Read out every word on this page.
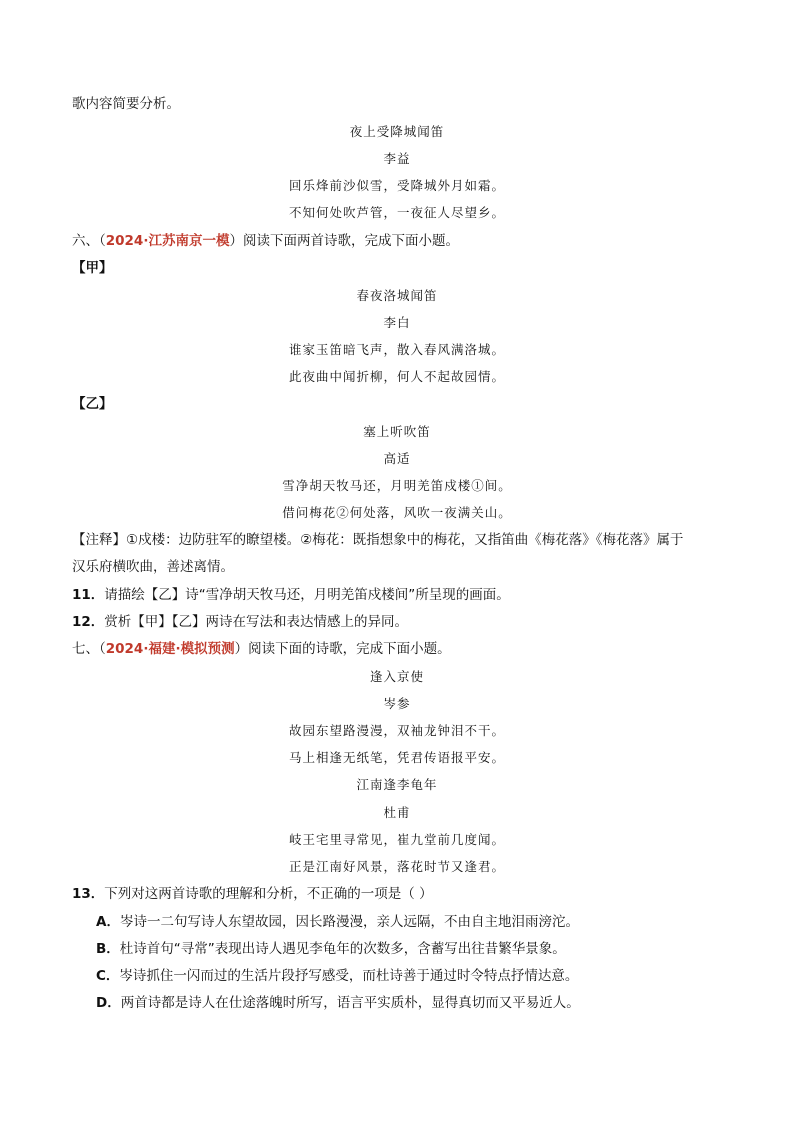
歌内容简要分析。
夜上受降城闻笛
李益
回乐烽前沙似雪，受降城外月如霜。
不知何处吹芦管，一夜征人尽望乡。
六、（2024·江苏南京一模）阅读下面两首诗歌，完成下面小题。
【甲】
春夜洛城闻笛
李白
谁家玉笛暗飞声，散入春风满洛城。
此夜曲中闻折柳，何人不起故园情。
【乙】
塞上听吹笛
高适
雪净胡天牧马还，月明羌笛戍楼①间。
借问梅花②何处落，风吹一夜满关山。
【注释】①戍楼：边防驻军的瞭望楼。②梅花：既指想象中的梅花，又指笛曲《梅花落》《梅花落》属于
汉乐府横吹曲，善述离情。
11．请描绘【乙】诗“雪净胡天牧马还，月明羌笛戍楼间”所呈现的画面。
12．赏析【甲】【乙】两诗在写法和表达情感上的异同。
七、（2024·福建·模拟预测）阅读下面的诗歌，完成下面小题。
逢入京使
岑参
故园东望路漫漫，双袖龙钟泪不干。
马上相逢无纸笔，凭君传语报平安。
江南逢李龟年
杜甫
岐王宅里寻常见，崔九堂前几度闻。
正是江南好风景，落花时节又逢君。
13．下列对这两首诗歌的理解和分析，不正确的一项是（ ）
A．岑诗一二句写诗人东望故园，因长路漫漫，亲人远隔，不由自主地泪雨滂沱。
B．杜诗首句“寻常”表现出诗人遇见李龟年的次数多，含蓄写出往昔繁华景象。
C．岑诗抓住一闪而过的生活片段抒写感受，而杜诗善于通过时令特点抒情达意。
D．两首诗都是诗人在仕途落魄时所写，语言平实质朴，显得真切而又平易近人。
